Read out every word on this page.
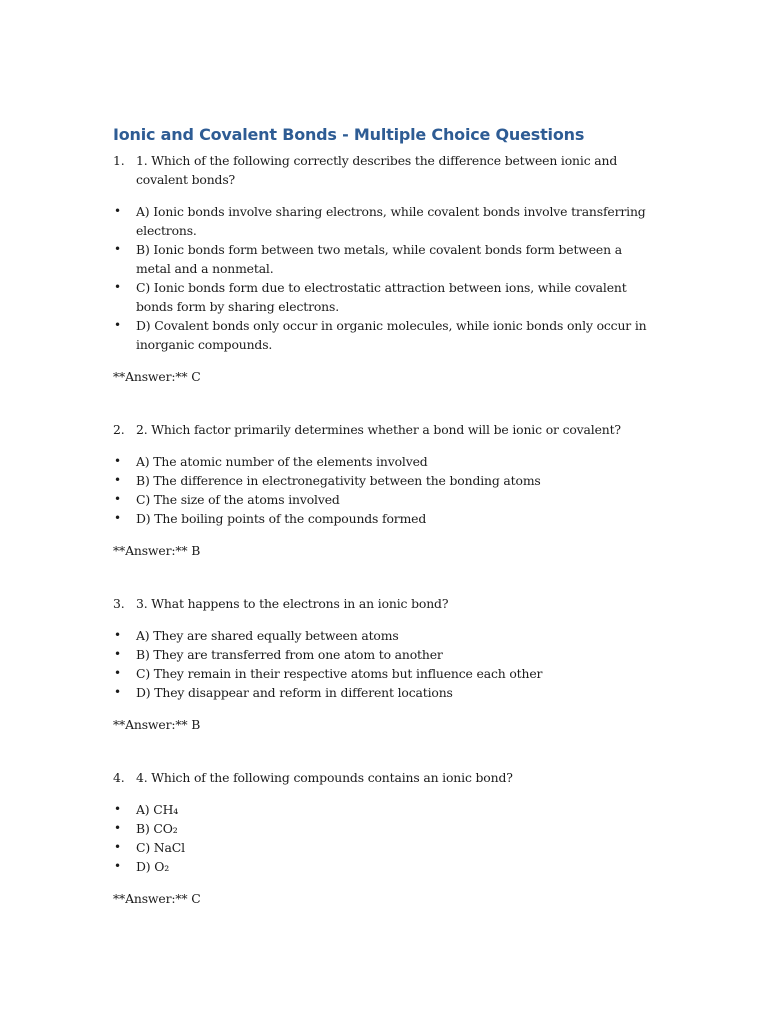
Ionic and Covalent Bonds - Multiple Choice Questions
1. 1. Which of the following correctly describes the difference between ionic and covalent bonds?
• A) Ionic bonds involve sharing electrons, while covalent bonds involve transferring electrons.
• B) Ionic bonds form between two metals, while covalent bonds form between a metal and a nonmetal.
• C) Ionic bonds form due to electrostatic attraction between ions, while covalent bonds form by sharing electrons.
• D) Covalent bonds only occur in organic molecules, while ionic bonds only occur in inorganic compounds.

**Answer:** C

2. 2. Which factor primarily determines whether a bond will be ionic or covalent?
• A) The atomic number of the elements involved
• B) The difference in electronegativity between the bonding atoms
• C) The size of the atoms involved
• D) The boiling points of the compounds formed

**Answer:** B

3. 3. What happens to the electrons in an ionic bond?
• A) They are shared equally between atoms
• B) They are transferred from one atom to another
• C) They remain in their respective atoms but influence each other
• D) They disappear and reform in different locations

**Answer:** B

4. 4. Which of the following compounds contains an ionic bond?
• A) CH₄
• B) CO₂
• C) NaCl
• D) O₂

**Answer:** C
